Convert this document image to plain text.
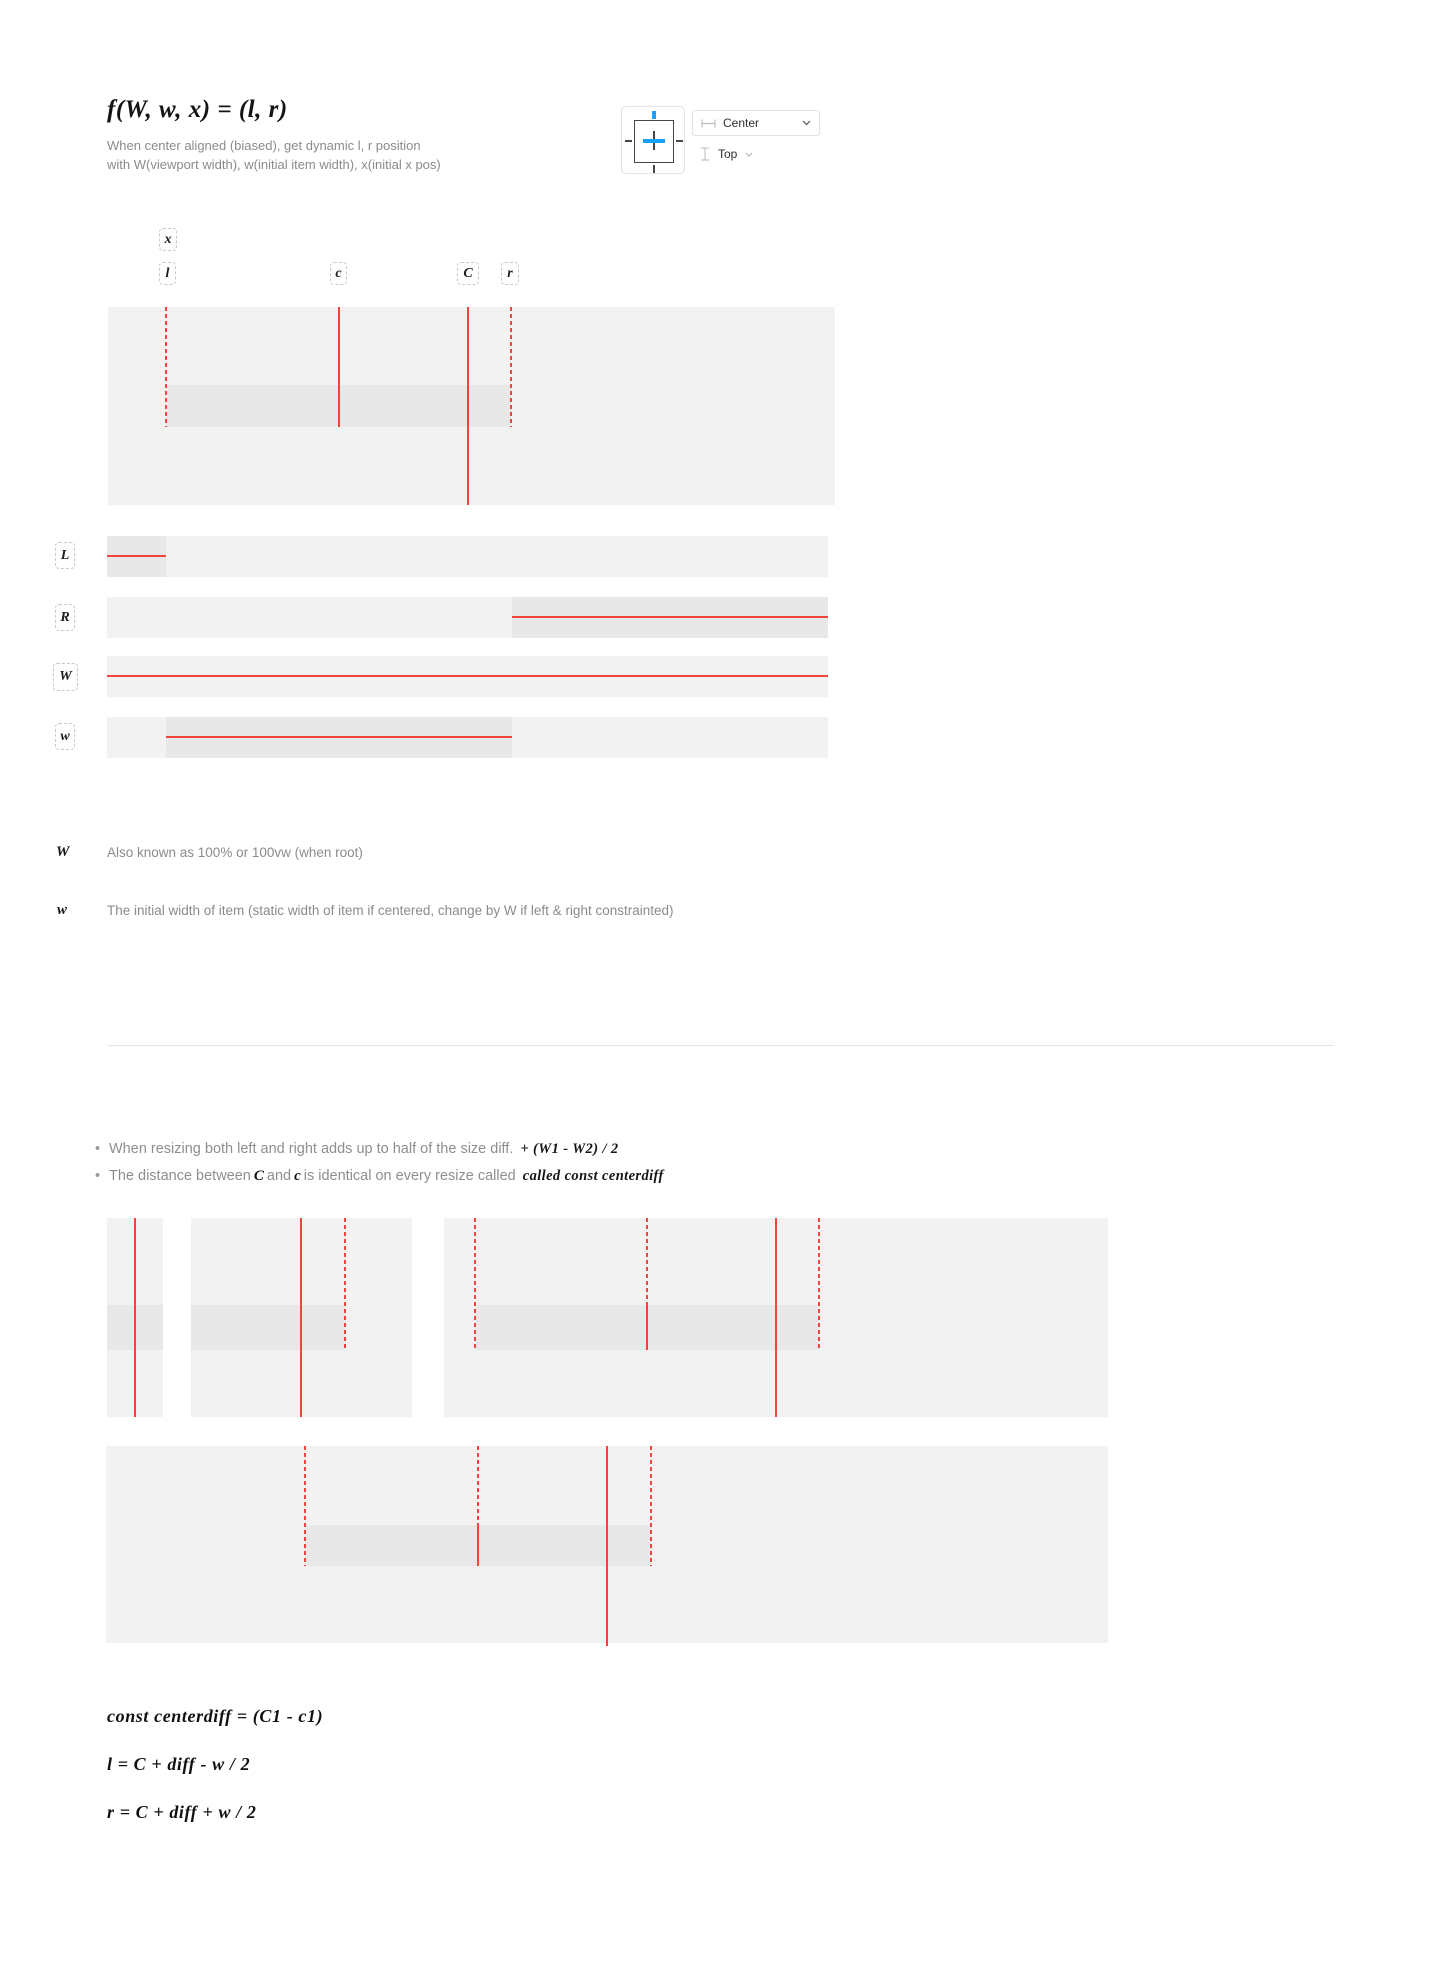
f(W, w, x) = (l, r)
When center aligned (biased), get dynamic l, r position
with W(viewport width), w(initial item width), x(initial x pos)
Center
Top
x
l	c	C	r
L
R
W
w
W	Also known as 100% or 100vw (when root)
w	The initial width of item (static width of item if centered, change by W if left & right constrainted)
• When resizing both left and right adds up to half of the size diff. + (W1 - W2) / 2
• The distance between C and c is identical on every resize called called const centerdiff
const centerdiff = (C1 - c1)
l = C + diff - w / 2
r = C + diff + w / 2
